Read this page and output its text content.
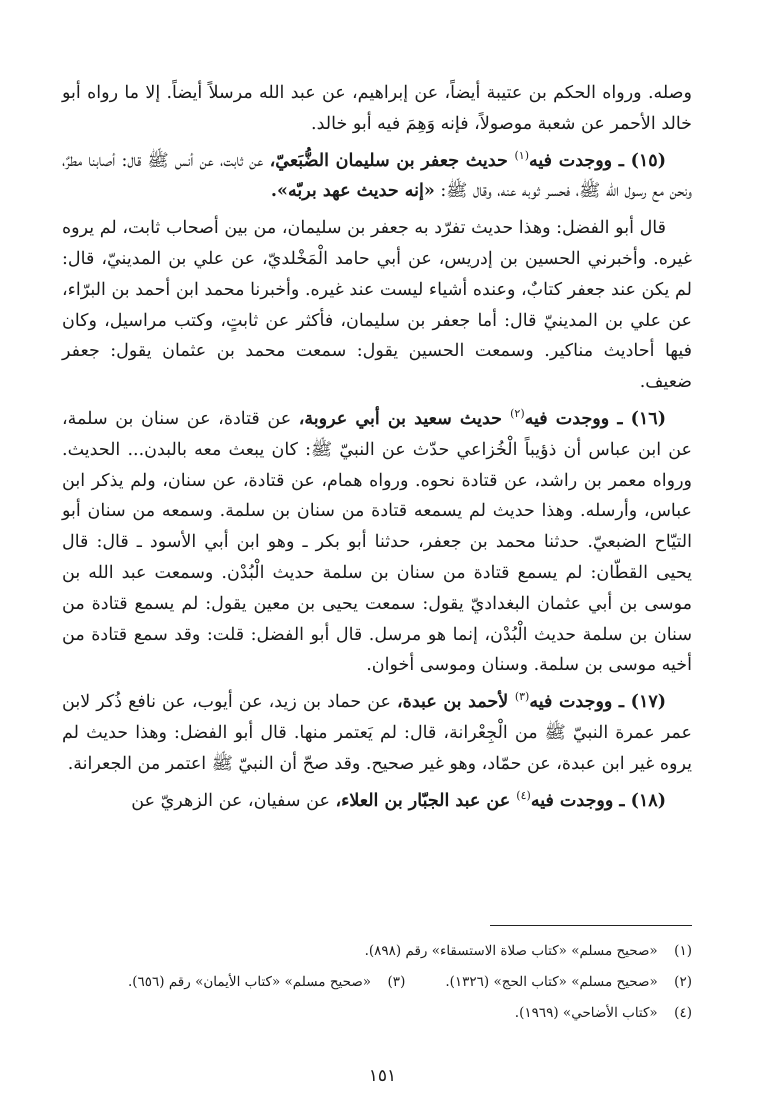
وصله. ورواه الحكم بن عتيبة أيضاً، عن إبراهيم، عن عبد الله مرسلاً أيضاً. إلا ما رواه أبو خالد الأحمر عن شعبة موصولاً، فإنه وَهِمَ فيه أبو خالد.

(١٥) ـ ووجدت فيه$^{(١)}$ حديث جعفر بن سليمان الضُّبَعيّ، عن ثابت، عن أنس ﷺ قال: أصابنا مطرٌ، ونحن مع رسول الله ﷺ، فحسر ثوبه عنه، وقال ﷺ: «إنه حديث عهد بربّه».

قال أبو الفضل: وهذا حديث تفرّد به جعفر بن سليمان، من بين أصحاب ثابت، لم يروه غيره. وأخبرني الحسين بن إدريس، عن أبي حامد الْمَخْلديّ، عن علي بن المدينيّ، قال: لم يكن عند جعفر كتابٌ، وعنده أشياء ليست عند غيره. وأخبرنا محمد ابن أحمد بن البرّاء، عن علي بن المدينيّ قال: أما جعفر بن سليمان، فأكثر عن ثابتٍ، وكتب مراسيل، وكان فيها أحاديث مناكير. وسمعت الحسين يقول: سمعت محمد بن عثمان يقول: جعفر ضعيف.

(١٦) ـ ووجدت فيه$^{(٢)}$ حديث سعيد بن أبي عروبة، عن قتادة، عن سنان بن سلمة، عن ابن عباس أن ذؤيباً الْخُزاعي حدّث عن النبيّ ﷺ: كان يبعث معه بالبدن... الحديث. ورواه معمر بن راشد، عن قتادة نحوه. ورواه همام، عن قتادة، عن سنان، ولم يذكر ابن عباس، وأرسله. وهذا حديث لم يسمعه قتادة من سنان بن سلمة. وسمعه من سنان أبو التيّاح الضبعيّ. حدثنا محمد بن جعفر، حدثنا أبو بكر ـ وهو ابن أبي الأسود ـ قال: قال يحيى القطّان: لم يسمع قتادة من سنان بن سلمة حديث الْبُدْن. وسمعت عبد الله بن موسى بن أبي عثمان البغداديّ يقول: سمعت يحيى بن معين يقول: لم يسمع قتادة من سنان بن سلمة حديث الْبُدْن، إنما هو مرسل. قال أبو الفضل: قلت: وقد سمع قتادة من أخيه موسى بن سلمة. وسنان وموسى أخوان.

(١٧) ـ ووجدت فيه$^{(٣)}$ لأحمد بن عبدة، عن حماد بن زيد، عن أيوب، عن نافع ذُكر لابن عمر عمرة النبيّ ﷺ من الْجِعْرانة، قال: لم يَعتمر منها. قال أبو الفضل: وهذا حديث لم يروه غير ابن عبدة، عن حمّاد، وهو غير صحيح. وقد صحّ أن النبيّ ﷺ اعتمر من الجعرانة.

(١٨) ـ ووجدت فيه$^{(٤)}$ عن عبد الجبّار بن العلاء، عن سفيان، عن الزهريّ عن

(١) «صحيح مسلم» «كتاب صلاة الاستسقاء» رقم (٨٩٨).
(٢) «صحيح مسلم» «كتاب الحج» (١٣٢٦).
(٣) «صحيح مسلم» «كتاب الأيمان» رقم (٦٥٦).
(٤) «كتاب الأضاحي» (١٩٦٩).
١٥١
